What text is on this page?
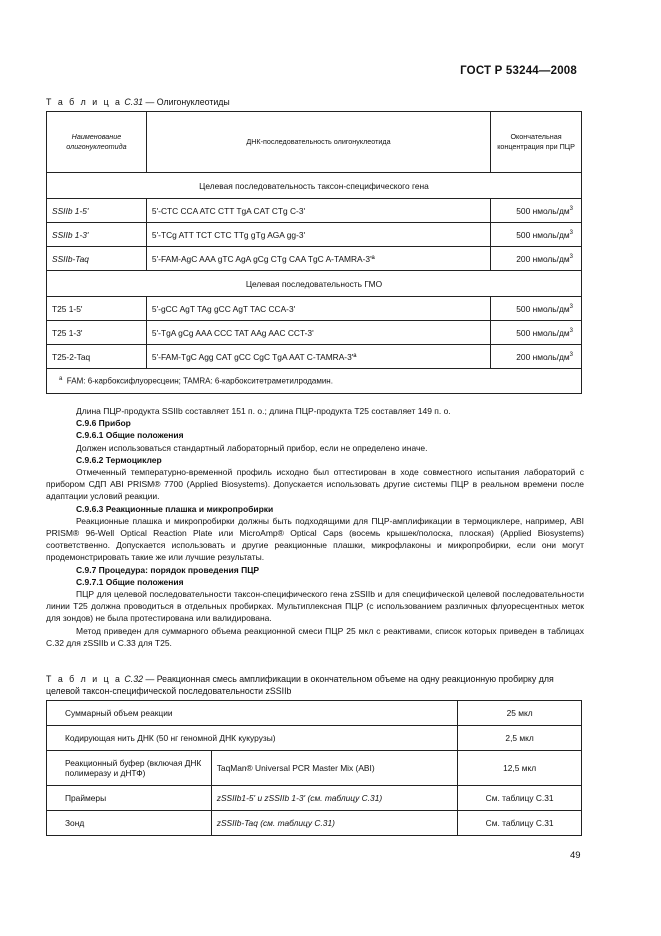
ГОСТ Р 53244—2008
Т а б л и ц а С.31 — Олигонуклеотиды
Наименование олигонуклеотида	ДНК-последовательность олигонуклеотида	Окончательная концентрация при ПЦР
Целевая последовательность таксон-специфического гена		
SSIIb 1-5'	5'-CTC CCA ATC CTT TgA CAT CTg C-3'	500 нмоль/$дм^3$
SSIIb 1-3'	5'-TCg ATT TCT CTC TTg gTg AGA gg-3'	500 нмоль/$дм^3$
SSIIb-Taq	5'-FAM-AgC AAA gTC AgA gCg CTg CAA TgC A-TAMRA-3'ª	200 нмоль/$дм^3$
Целевая последовательность ГМО		
T25 1-5'	5'-gCC AgT TAg gCC AgT TAC CCA-3'	500 нмоль/$дм^3$
T25 1-3'	5'-TgA gCg AAA CCC TAT AAg AAC CCT-3'	500 нмоль/$дм^3$
T25-2-Taq	5'-FAM-TgC Agg CAT gCC CgC TgA AAT C-TAMRA-3'ª	200 нмоль/$дм^3$
$^a$ FAM: 6-карбоксифлуоресцеин; TAMRA: 6-карбокситетраметилродамин.		

Длина ПЦР-продукта SSIIb составляет 151 п. о.; длина ПЦР-продукта T25 составляет 149 п. о.

С.9.6 Прибор

С.9.6.1 Общие положения

Должен использоваться стандартный лабораторный прибор, если не определено иначе.

С.9.6.2 Термоциклер

Отмеченный температурно-временной профиль исходно был оттестирован в ходе совместного испытания лабораторий с прибором СДП ABI PRISM® 7700 (Applied Biosystems). Допускается использовать другие системы ПЦР в реальном времени после адаптации условий реакции.

С.9.6.3 Реакционные плашка и микропробирки

Реакционные плашка и микропробирки должны быть подходящими для ПЦР-амплификации в термоциклере, например, ABI PRISM® 96-Well Optical Reaction Plate или MicroAmp® Optical Caps (восемь крышек/полоска, плоская) (Applied Biosystems) соответственно. Допускается использовать и другие реакционные плашки, микрофлаконы и микропробирки, если они могут продемонстрировать такие же или лучшие результаты.

С.9.7 Процедура: порядок проведения ПЦР

С.9.7.1 Общие положения

ПЦР для целевой последовательности таксон-специфического гена zSSIIb и для специфической целевой последовательности линии T25 должна проводиться в отдельных пробирках. Мультиплексная ПЦР (с использованием различных флуоресцентных меток для зондов) не была протестирована или валидирована.

Метод приведен для суммарного объема реакционной смеси ПЦР 25 мкл с реактивами, список которых приведен в таблицах С.32 для zSSIIb и С.33 для T25.

Т а б л и ц а С.32 — Реакционная смесь амплификации в окончательном объеме на одну реакционную пробирку для целевой таксон-специфической последовательности zSSIIb
Суммарный объем реакции		25 мкл
Кодирующая нить ДНК (50 нг геномной ДНК кукурузы)		2,5 мкл
Реакционный буфер (включая ДНК полимеразу и дНТФ)	TaqMan® Universal PCR Master Mix (ABI)	12,5 мкл
Праймеры	zSSIIb1-5' и zSSIIb 1-3' (см. таблицу С.31)	См. таблицу С.31
Зонд	zSSIIb-Taq (см. таблицу С.31)	См. таблицу С.31
49
